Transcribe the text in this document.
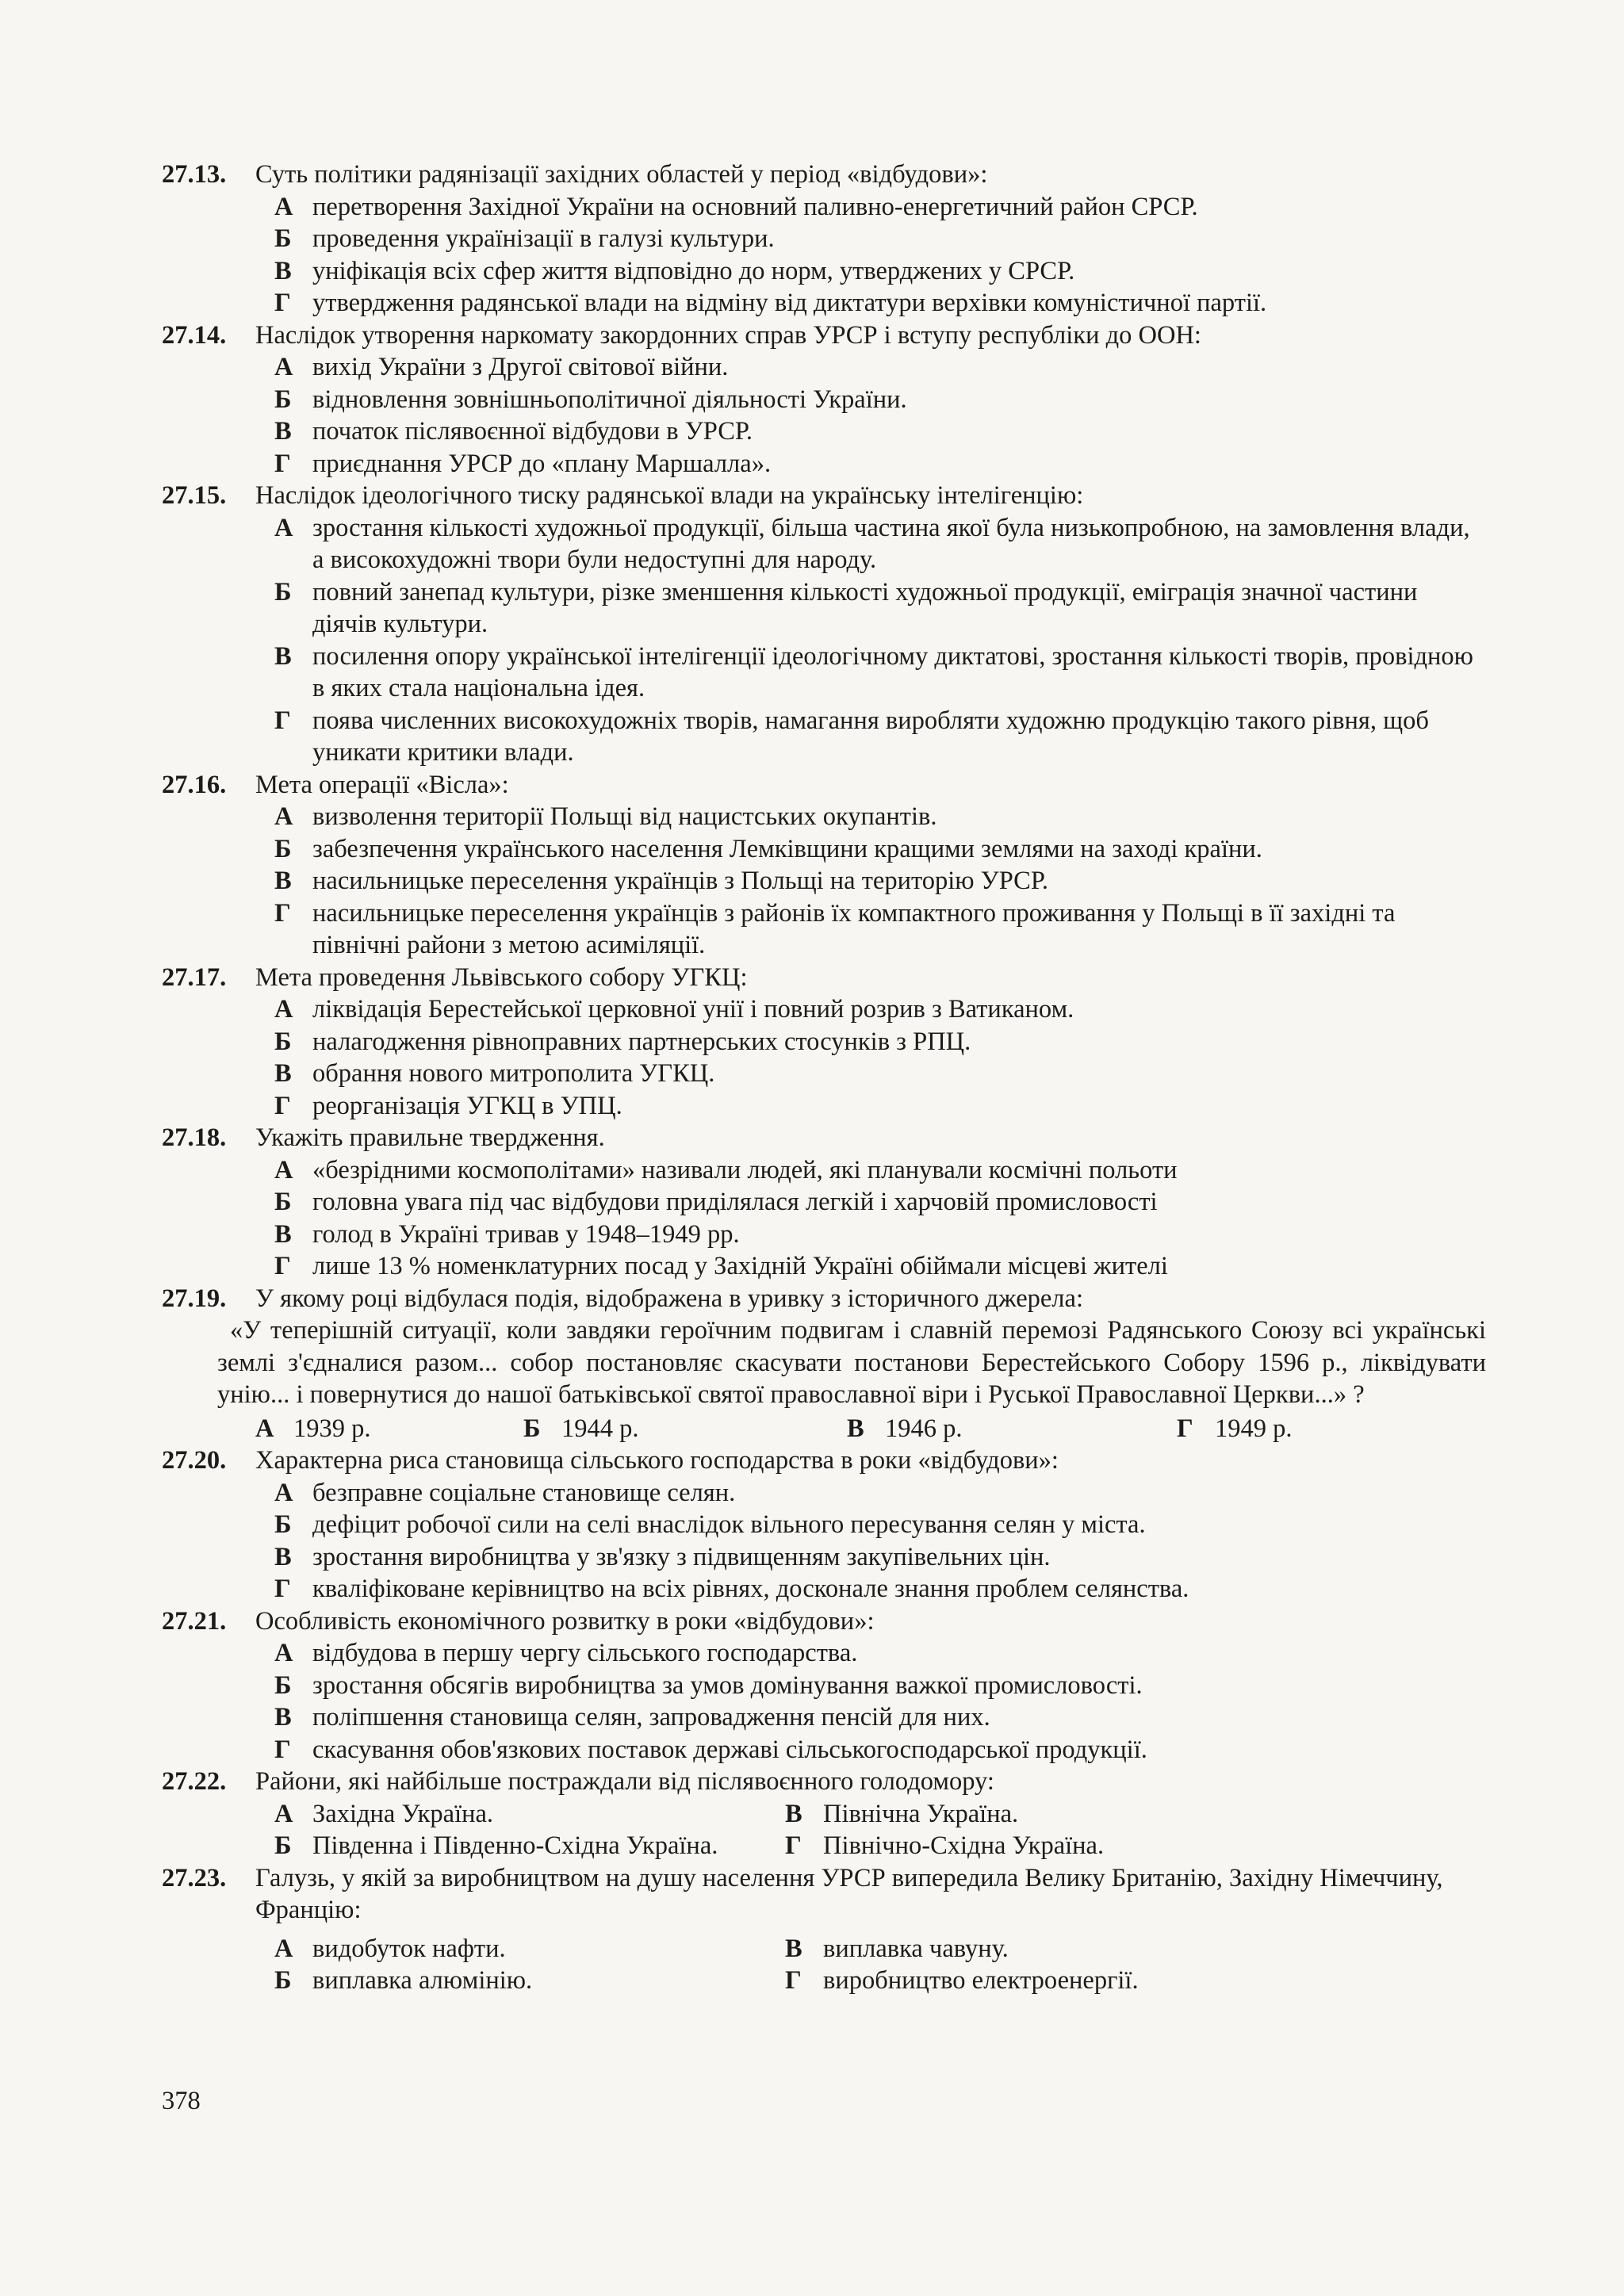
27.13. Суть політики радянізації західних областей у період «відбудови»:
А перетворення Західної України на основний паливно-енергетичний район СРСР.
Б проведення українізації в галузі культури.
В уніфікація всіх сфер життя відповідно до норм, утверджених у СРСР.
Г утвердження радянської влади на відміну від диктатури верхівки комуністичної партії.
27.14. Наслідок утворення наркомату закордонних справ УРСР і вступу республіки до ООН:
А вихід України з Другої світової війни.
Б відновлення зовнішньополітичної діяльності України.
В початок післявоєнної відбудови в УРСР.
Г приєднання УРСР до «плану Маршалла».
27.15. Наслідок ідеологічного тиску радянської влади на українську інтелігенцію:
А зростання кількості художньої продукції, більша частина якої була низькопробною, на замовлення влади, а високохудожні твори були недоступні для народу.
Б повний занепад культури, різке зменшення кількості художньої продукції, еміграція значної частини діячів культури.
В посилення опору української інтелігенції ідеологічному диктатові, зростання кількості творів, провідною в яких стала національна ідея.
Г поява численних високохудожніх творів, намагання виробляти художню продукцію такого рівня, щоб уникати критики влади.
27.16. Мета операції «Вісла»:
А визволення території Польщі від нацистських окупантів.
Б забезпечення українського населення Лемківщини кращими землями на заході країни.
В насильницьке переселення українців з Польщі на територію УРСР.
Г насильницьке переселення українців з районів їх компактного проживання у Польщі в її західні та північні райони з метою асиміляції.
27.17. Мета проведення Львівського собору УГКЦ:
А ліквідація Берестейської церковної унії і повний розрив з Ватиканом.
Б налагодження рівноправних партнерських стосунків з РПЦ.
В обрання нового митрополита УГКЦ.
Г реорганізація УГКЦ в УПЦ.
27.18. Укажіть правильне твердження.
А «безрідними космополітами» називали людей, які планували космічні польоти
Б головна увага під час відбудови приділялася легкій і харчовій промисловості
В голод в Україні тривав у 1948–1949 рр.
Г лише 13 % номенклатурних посад у Західній Україні обіймали місцеві жителі
27.19. У якому році відбулася подія, відображена в уривку з історичного джерела:
«У теперішній ситуації, коли завдяки героїчним подвигам і славній перемозі Радянського Союзу всі українські землі з'єдналися разом... собор постановляє скасувати постанови Берестейського Собору 1596 р., ліквідувати унію... і повернутися до нашої батьківської святої православної віри і Руської Православної Церкви...» ?
А 1939 р.	Б 1944 р.	В 1946 р.	Г 1949 р.
27.20. Характерна риса становища сільського господарства в роки «відбудови»:
А безправне соціальне становище селян.
Б дефіцит робочої сили на селі внаслідок вільного пересування селян у міста.
В зростання виробництва у зв'язку з підвищенням закупівельних цін.
Г кваліфіковане керівництво на всіх рівнях, досконале знання проблем селянства.
27.21. Особливість економічного розвитку в роки «відбудови»:
А відбудова в першу чергу сільського господарства.
Б зростання обсягів виробництва за умов домінування важкої промисловості.
В поліпшення становища селян, запровадження пенсій для них.
Г скасування обов'язкових поставок державі сільськогосподарської продукції.
27.22. Райони, які найбільше постраждали від післявоєнного голодомору:
А Західна Україна.	В Північна Україна.
Б Південна і Південно-Східна Україна.	Г Північно-Східна Україна.
27.23. Галузь, у якій за виробництвом на душу населення УРСР випередила Велику Британію, Західну Німеччину, Францію:
А видобуток нафти.	В виплавка чавуну.
Б виплавка алюмінію.	Г виробництво електроенергії.
378
